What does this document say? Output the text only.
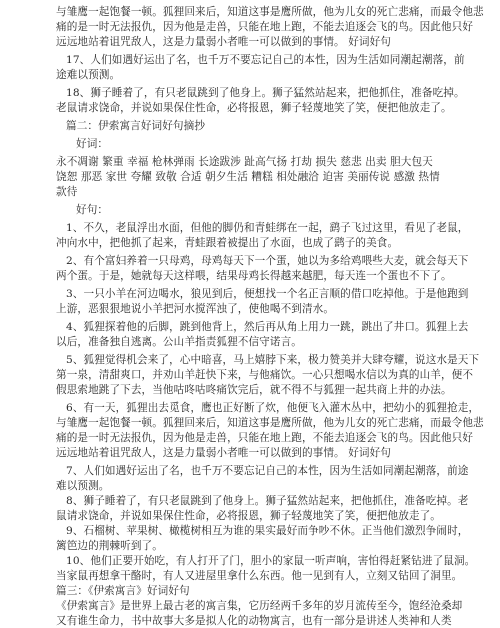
与雏鹰一起饱餐一顿。狐狸回来后，知道这事是鹰所做，他为儿女的死亡悲痛，而最令他悲
痛的是一时无法报仇，因为他是走兽，只能在地上跑，不能去追逐会飞的鸟。因此他只好
远远地站着诅咒敌人，这是力量弱小者唯一可以做到的事情。 好词好句
17、人们如遇好运出了名，也千万不要忘记自己的本性，因为生活如同潮起潮落，前
途难以预测。
18、狮子睡着了，有只老鼠跳到了他身上。狮子猛然站起来，把他抓住，准备吃掉。
老鼠请求饶命，并说如果保住性命，必将报恩，狮子轻蔑地笑了笑，便把他放走了。
篇二：伊索寓言好词好句摘抄
好词：
永不凋谢 繁重 幸福 枪林弹雨 长途跋涉 趾高气扬 打劫 损失 慈悲 出卖 胆大包天
饶恕 那恶 家世 夸耀 致敬 合适 朝夕生活 糟糕 相处融洽 迫害 美丽传说 感激 热情
款待
好句：
1、不久，老鼠浮出水面，但他的脚仍和青蛙绑在一起，鹞子飞过这里，看见了老鼠，
冲向水中，把他抓了起来，青蛙跟着被提出了水面，也成了鹞子的美食。
2、有个富妇养着一只母鸡，母鸡每天下一个蛋，她以为多给鸡喂些大麦，就会每天下
两个蛋。于是，她就每天这样喂，结果母鸡长得越来越肥，每天连一个蛋也不下了。
3、一只小羊在河边喝水，狼见到后，便想找一个名正言顺的借口吃掉他。于是他跑到
上游，恶狠狠地说小羊把河水搅浑浊了，使他喝不到清水。
4、狐狸探着他的后脚，跳到他背上，然后再从角上用力一跳，跳出了井口。狐狸上去
以后，准备独自逃离。公山羊指责狐狸不信守诺言。
5、狐狸觉得机会来了，心中暗喜，马上嬉脖下来，极力赞美并大肆夸耀，说这水是天下
第一泉，清甜爽口，并劝山羊赶快下来，与他痛饮。一心只想喝水信以为真的山羊，便不
假思索地跳了下去，当他咕咚咕咚痛饮完后，就不得不与狐狸一起共商上井的办法。
6、有一天，狐狸出去觅食，鹰也正好断了炊，他便飞入灌木丛中，把幼小的狐狸抢走，
与雏鹰一起饱餐一顿。狐狸回来后，知道这事是鹰所做，他为儿女的死亡悲痛，而最令他悲
痛的是一时无法报仇，因为他是走兽，只能在地上跑，不能去追逐会飞的鸟。因此他只好
远远地站着诅咒敌人，这是力量弱小者唯一可以做到的事情。 好词好句
7、人们如遇好运出了名，也千万不要忘记自己的本性，因为生活如同潮起潮落，前途
难以预测。
8、狮子睡着了，有只老鼠跳到了他身上。狮子猛然站起来，把他抓住，准备吃掉。老
鼠请求饶命，并说如果保住性命，必将报恩，狮子轻蔑地笑了笑，便把他放走了。
9、石榴树、苹果树、橄榄树相互为谁的果实最好而争吵不休。正当他们激烈争闹时，
篱笆边的荆棘听到了。
10、他们正要开始吃，有人打开了门，胆小的家鼠一听声响，害怕得赶紧钻进了鼠洞。
当家鼠再想拿干酪时，有人又进屋里拿什么东西。他一见到有人，立刻又钻回了洞里。
篇三：《伊索寓言》好词好句
《伊索寓言》是世界上最古老的寓言集，它历经两千多年的岁月流传至今，饱经沧桑却
又有谁生命力，书中故事大多是拟人化的动物寓言，也有一部分是讲述人类神和人类
